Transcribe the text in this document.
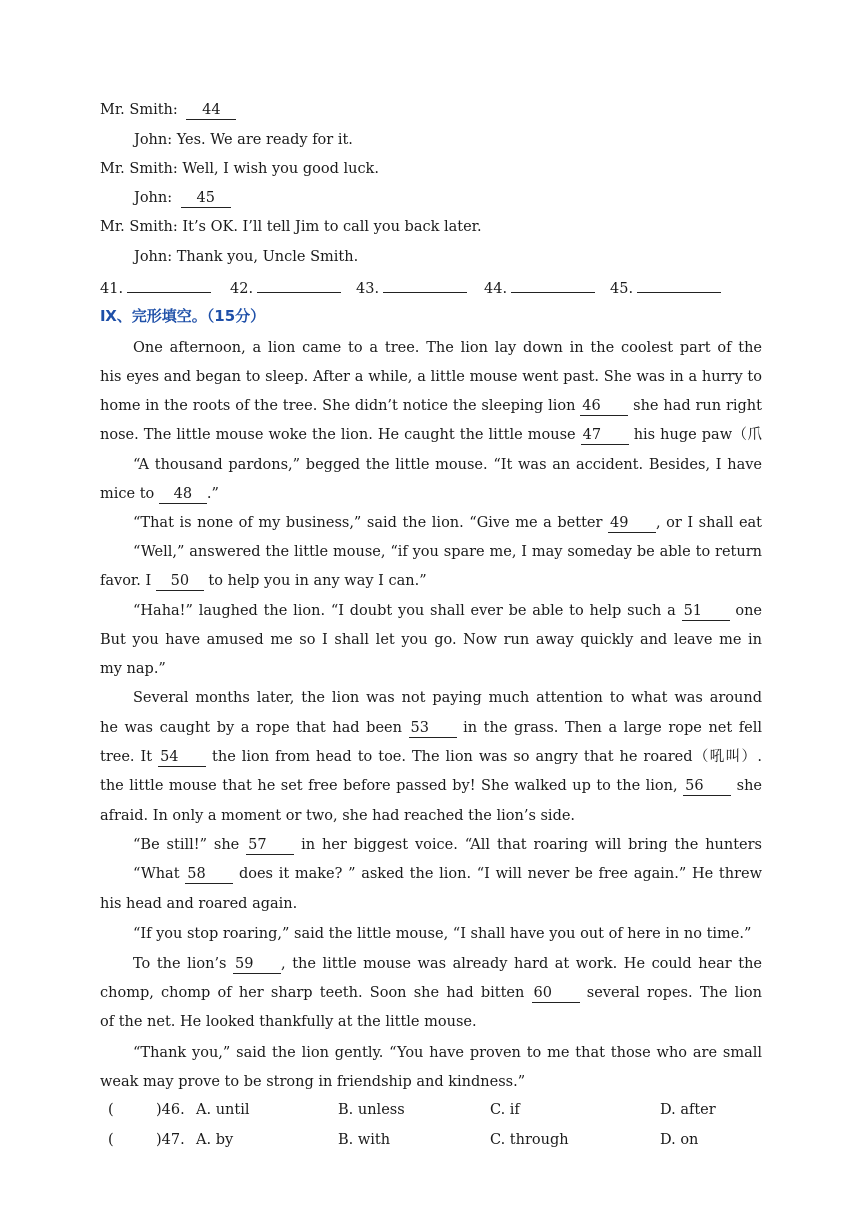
Mr. Smith: 44
John: Yes. We are ready for it.
Mr. Smith: Well, I wish you good luck.
John: 45
Mr. Smith: It’s OK. I’ll tell Jim to call you back later.
John: Thank you, Uncle Smith.
41.	42.	43.	44.	45.
Ⅸ、完形填空。（15分）
One afternoon, a lion came to a tree. The lion lay down in the coolest part of the
his eyes and began to sleep. After a while, a little mouse went past. She was in a hurry to
home in the roots of the tree. She didn’t notice the sleeping lion 46 she had run right
nose. The little mouse woke the lion. He caught the little mouse 47 his huge paw（爪
“A thousand pardons,” begged the little mouse. “It was an accident. Besides, I have
mice to 48 .”
“That is none of my business,” said the lion. “Give me a better 49 , or I shall eat
“Well,” answered the little mouse, “if you spare me, I may someday be able to return
favor. I 50 to help you in any way I can.”
“Haha!” laughed the lion. “I doubt you shall ever be able to help such a 51 one
But you have amused me so I shall let you go. Now run away quickly and leave me in
my nap.”
Several months later, the lion was not paying much attention to what was around
he was caught by a rope that had been 53 in the grass. Then a large rope net fell
tree. It 54 the lion from head to toe. The lion was so angry that he roared（吼叫）.
the little mouse that he set free before passed by! She walked up to the lion, 56 she
afraid. In only a moment or two, she had reached the lion’s side.
“Be still!” she 57 in her biggest voice. “All that roaring will bring the hunters
“What 58 does it make? ” asked the lion. “I will never be free again.” He threw
his head and roared again.
“If you stop roaring,” said the little mouse, “I shall have you out of here in no time.”
To the lion’s 59 , the little mouse was already hard at work. He could hear the
chomp, chomp of her sharp teeth. Soon she had bitten 60 several ropes. The lion
of the net. He looked thankfully at the little mouse.
“Thank you,” said the lion gently. “You have proven to me that those who are small
weak may prove to be strong in friendship and kindness.”
(	)46. A. until	B. unless	C. if	D. after
(	)47. A. by	B. with	C. through	D. on
